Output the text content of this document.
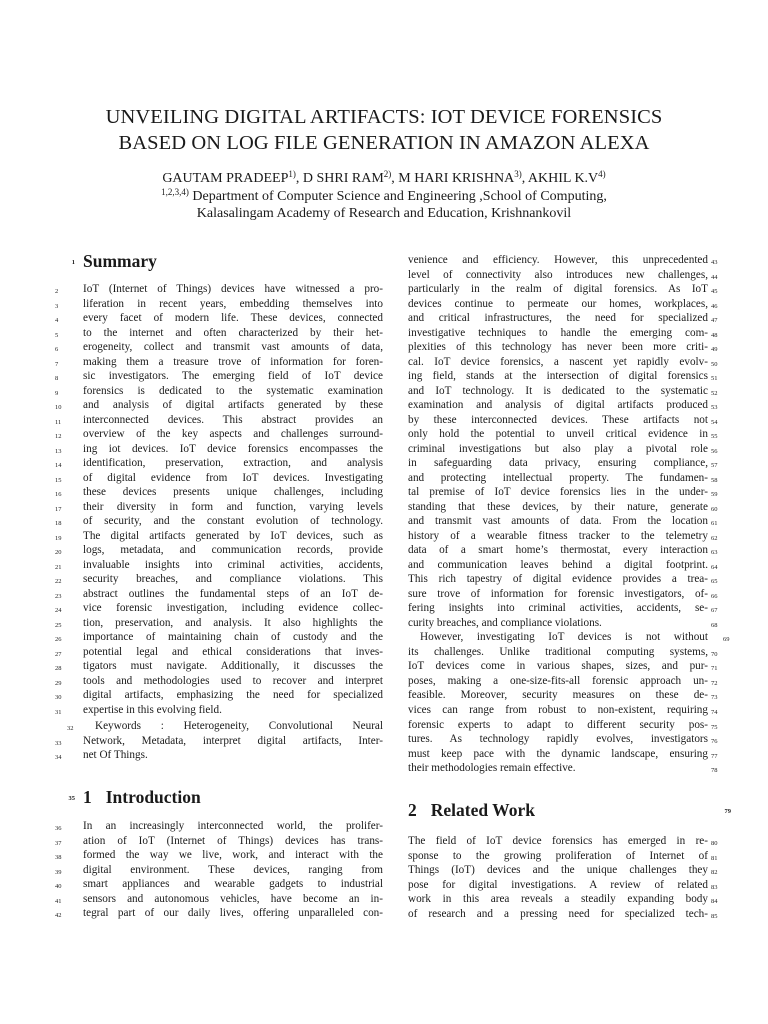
UNVEILING DIGITAL ARTIFACTS: IOT DEVICE FORENSICS
BASED ON LOG FILE GENERATION IN AMAZON ALEXA
GAUTAM PRADEEP$^{1)}$, D SHRI RAM$^{2)}$, M HARI KRISHNA$^{3)}$, AKHIL $K.V^{4)}$
$^{1,2,3,4)}$ Department of Computer Science and Engineering ,School of Computing,
Kalasalingam Academy of Research and Education, Krishnankovil
1 Summary
2	IoT (Internet of Things) devices have witnessed a pro-
3	liferation in recent years, embedding themselves into
4	every facet of modern life. These devices, connected
5	to the internet and often characterized by their het-
6	erogeneity, collect and transmit vast amounts of data,
7	making them a treasure trove of information for foren-
8	sic investigators. The emerging field of IoT device
9	forensics is dedicated to the systematic examination
10	and analysis of digital artifacts generated by these
11	interconnected devices. This abstract provides an
12	overview of the key aspects and challenges surround-
13	ing iot devices. IoT device forensics encompasses the
14	identification, preservation, extraction, and analysis
15	of digital evidence from IoT devices. Investigating
16	these devices presents unique challenges, including
17	their diversity in form and function, varying levels
18	of security, and the constant evolution of technology.
19	The digital artifacts generated by IoT devices, such as
20	logs, metadata, and communication records, provide
21	invaluable insights into criminal activities, accidents,
22	security breaches, and compliance violations. This
23	abstract outlines the fundamental steps of an IoT de-
24	vice forensic investigation, including evidence collec-
25	tion, preservation, and analysis. It also highlights the
26	importance of maintaining chain of custody and the
27	potential legal and ethical considerations that inves-
28	tigators must navigate. Additionally, it discusses the
29	tools and methodologies used to recover and interpret
30	digital artifacts, emphasizing the need for specialized
31	expertise in this evolving field.
32 Keywords : Heterogeneity, Convolutional Neural
33	Network, Metadata, interpret digital artifacts, Inter-
34	net Of Things.
35 1 Introduction
36	In an increasingly interconnected world, the prolifer-
37	ation of IoT (Internet of Things) devices has trans-
38	formed the way we live, work, and interact with the
39	digital environment. These devices, ranging from
40	smart appliances and wearable gadgets to industrial
41	sensors and autonomous vehicles, have become an in-
42	tegral part of our daily lives, offering unparalleled con-
43
venience and efficiency. However, this unprecedented
44
level of connectivity also introduces new challenges,
45
particularly in the realm of digital forensics. As IoT
46
devices continue to permeate our homes, workplaces,
47
and critical infrastructures, the need for specialized
48
investigative techniques to handle the emerging com-
49
plexities of this technology has never been more criti-
50
cal. IoT device forensics, a nascent yet rapidly evolv-
51
ing field, stands at the intersection of digital forensics
52
and IoT technology. It is dedicated to the systematic
53
examination and analysis of digital artifacts produced
54
by these interconnected devices. These artifacts not
55
only hold the potential to unveil critical evidence in
56
criminal investigations but also play a pivotal role
57
in safeguarding data privacy, ensuring compliance,
58
and protecting intellectual property. The fundamen-
59
tal premise of IoT device forensics lies in the under-
60
standing that these devices, by their nature, generate
61
and transmit vast amounts of data. From the location
62
history of a wearable fitness tracker to the telemetry
63
data of a smart home’s thermostat, every interaction
64
and communication leaves behind a digital footprint.
65
This rich tapestry of digital evidence provides a trea-
66
sure trove of information for forensic investigators, of-
67
fering insights into criminal activities, accidents, se-
68
curity breaches, and compliance violations.
69
However, investigating IoT devices is not without
70
its challenges. Unlike traditional computing systems,
71
IoT devices come in various shapes, sizes, and pur-
72
poses, making a one-size-fits-all forensic approach un-
73
feasible. Moreover, security measures on these de-
74
vices can range from robust to non-existent, requiring
75
forensic experts to adapt to different security pos-
76
tures. As technology rapidly evolves, investigators
77
must keep pace with the dynamic landscape, ensuring
78
their methodologies remain effective.
2 Related Work	79
80
The field of IoT device forensics has emerged in re-
81
sponse to the growing proliferation of Internet of
82
Things (IoT) devices and the unique challenges they
83
pose for digital investigations. A review of related
84
work in this area reveals a steadily expanding body
85
of research and a pressing need for specialized tech-
